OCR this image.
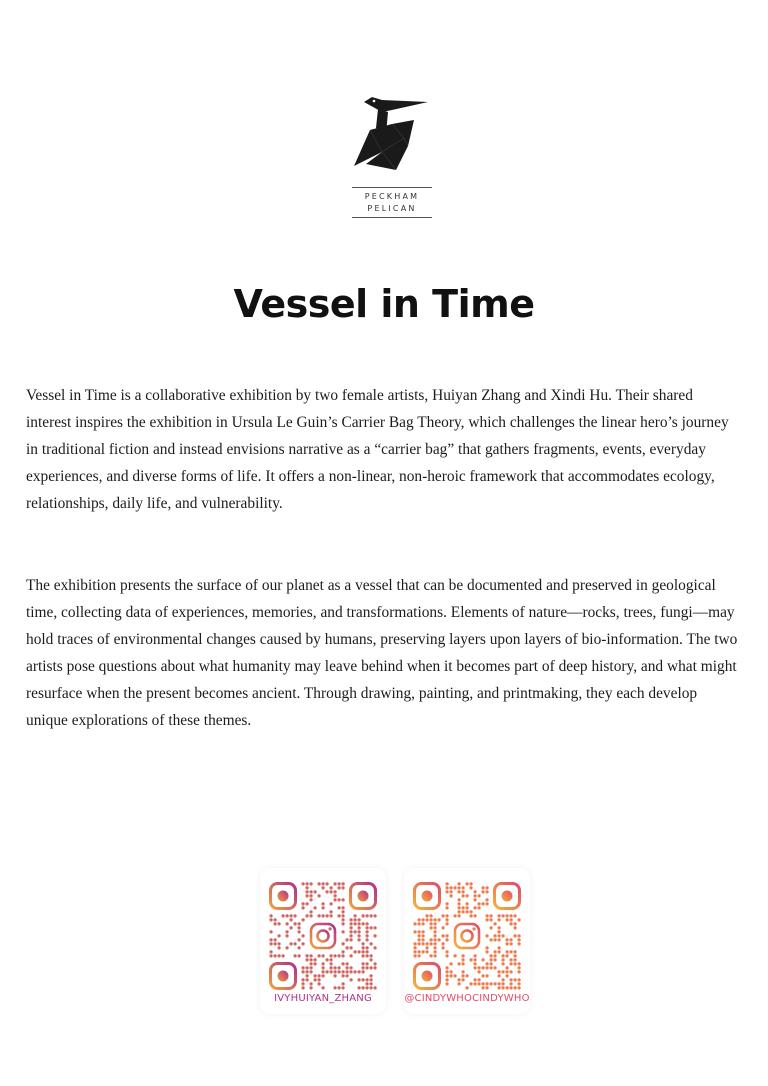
PECKHAM
PELICAN
Vessel in Time

Vessel in Time is a collaborative exhibition by two female artists, Huiyan Zhang and Xindi Hu. Their shared interest inspires the exhibition in Ursula Le Guin’s Carrier Bag Theory, which challenges the linear hero’s journey in traditional fiction and instead envisions narrative as a “carrier bag” that gathers fragments, events, everyday experiences, and diverse forms of life. It offers a non-linear, non-heroic framework that accommodates ecology, relationships, daily life, and vulnerability.

The exhibition presents the surface of our planet as a vessel that can be documented and preserved in geological time, collecting data of experiences, memories, and transformations. Elements of nature—rocks, trees, fungi—may hold traces of environmental changes caused by humans, preserving layers upon layers of bio-information. The two artists pose questions about what humanity may leave behind when it becomes part of deep history, and what might resurface when the present becomes ancient. Through drawing, painting, and printmaking, they each develop unique explorations of these themes.

IVYHUIYAN_ZHANG	@CINDYWHOCINDYWHO
